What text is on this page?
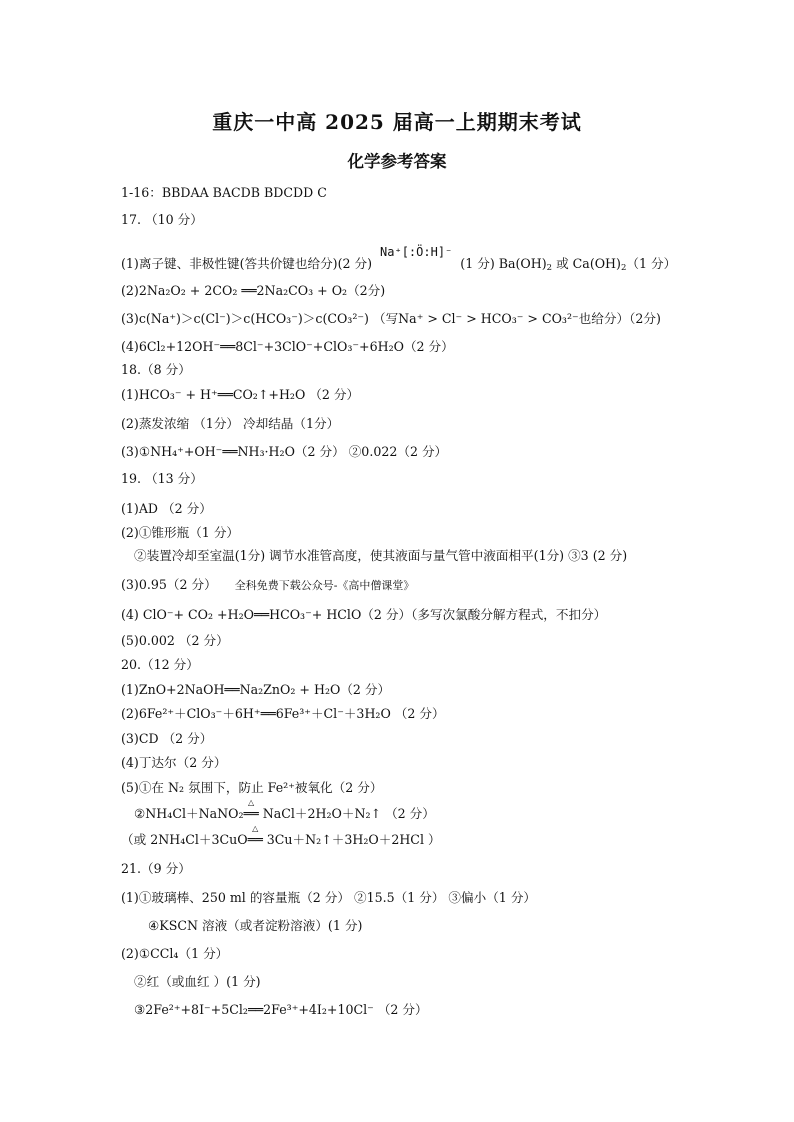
重庆一中高 2025 届高一上期期末考试
化学参考答案
1-16：BBDAA BACDB BDCDD C
17. （10 分）
(1)离子键、非极性键(答共价键也给分)(2 分) Na⁺[:Ö:H]⁻ (1 分) $Ba(OH)_2$ 或 $Ca(OH)_2(1$ 分）
(2)2Na₂O₂ + 2CO₂ ══2Na₂CO₃ + O₂（2分)
(3)c(Na⁺)＞c(Cl⁻)＞c(HCO₃⁻)＞c(CO₃²⁻) （写Na⁺ > Cl⁻ > HCO₃⁻ > CO₃²⁻也给分）（2分)
(4)6Cl₂+12OH⁻══8Cl⁻+3ClO⁻+ClO₃⁻+6H₂O（2 分）
18.（8 分）
(1)HCO₃⁻ + H⁺══CO₂↑+H₂O （2 分）
(2)蒸发浓缩 （1分） 冷却结晶（1分）
(3)①NH₄⁺+OH⁻══NH₃·H₂O（2 分） ②0.022（2 分）
19. （13 分）
(1)AD （2 分）
(2)①锥形瓶（1 分）
②装置冷却至室温(1分) 调节水准管高度，使其液面与量气管中液面相平(1分) ③3 (2 分)
(3)0.95（2 分） 全科免费下载公众号-《高中僧课堂》
(4) ClO⁻+ CO₂ +H₂O══HCO₃⁻+ HClO（2 分）（多写次氯酸分解方程式，不扣分）
(5)0.002 （2 分）
20.（12 分）
(1)ZnO+2NaOH══Na₂ZnO₂ + H₂O（2 分）
(2)6Fe²⁺＋ClO₃⁻＋6H⁺══6Fe³⁺＋Cl⁻＋3H₂O （2 分）
(3)CD （2 分）
(4)丁达尔（2 分）
(5)①在 N₂ 氛围下，防止 Fe²⁺被氧化（2 分）
②NH₄Cl＋NaNO₂
△
══ NaCl＋2H₂O＋N₂↑ （2 分）
（或 2NH₄Cl＋3CuO
△
══ 3Cu＋N₂↑＋3H₂O＋2HCl ）
21.（9 分）
(1)①玻璃棒、250 ml 的容量瓶（2 分） ②15.5（1 分） ③偏小（1 分）
④KSCN 溶液（或者淀粉溶液）(1 分)
(2)①CCl₄（1 分）
②红（或血红 ）(1 分)
③2Fe²⁺+8I⁻+5Cl₂══2Fe³⁺+4I₂+10Cl⁻ （2 分）
